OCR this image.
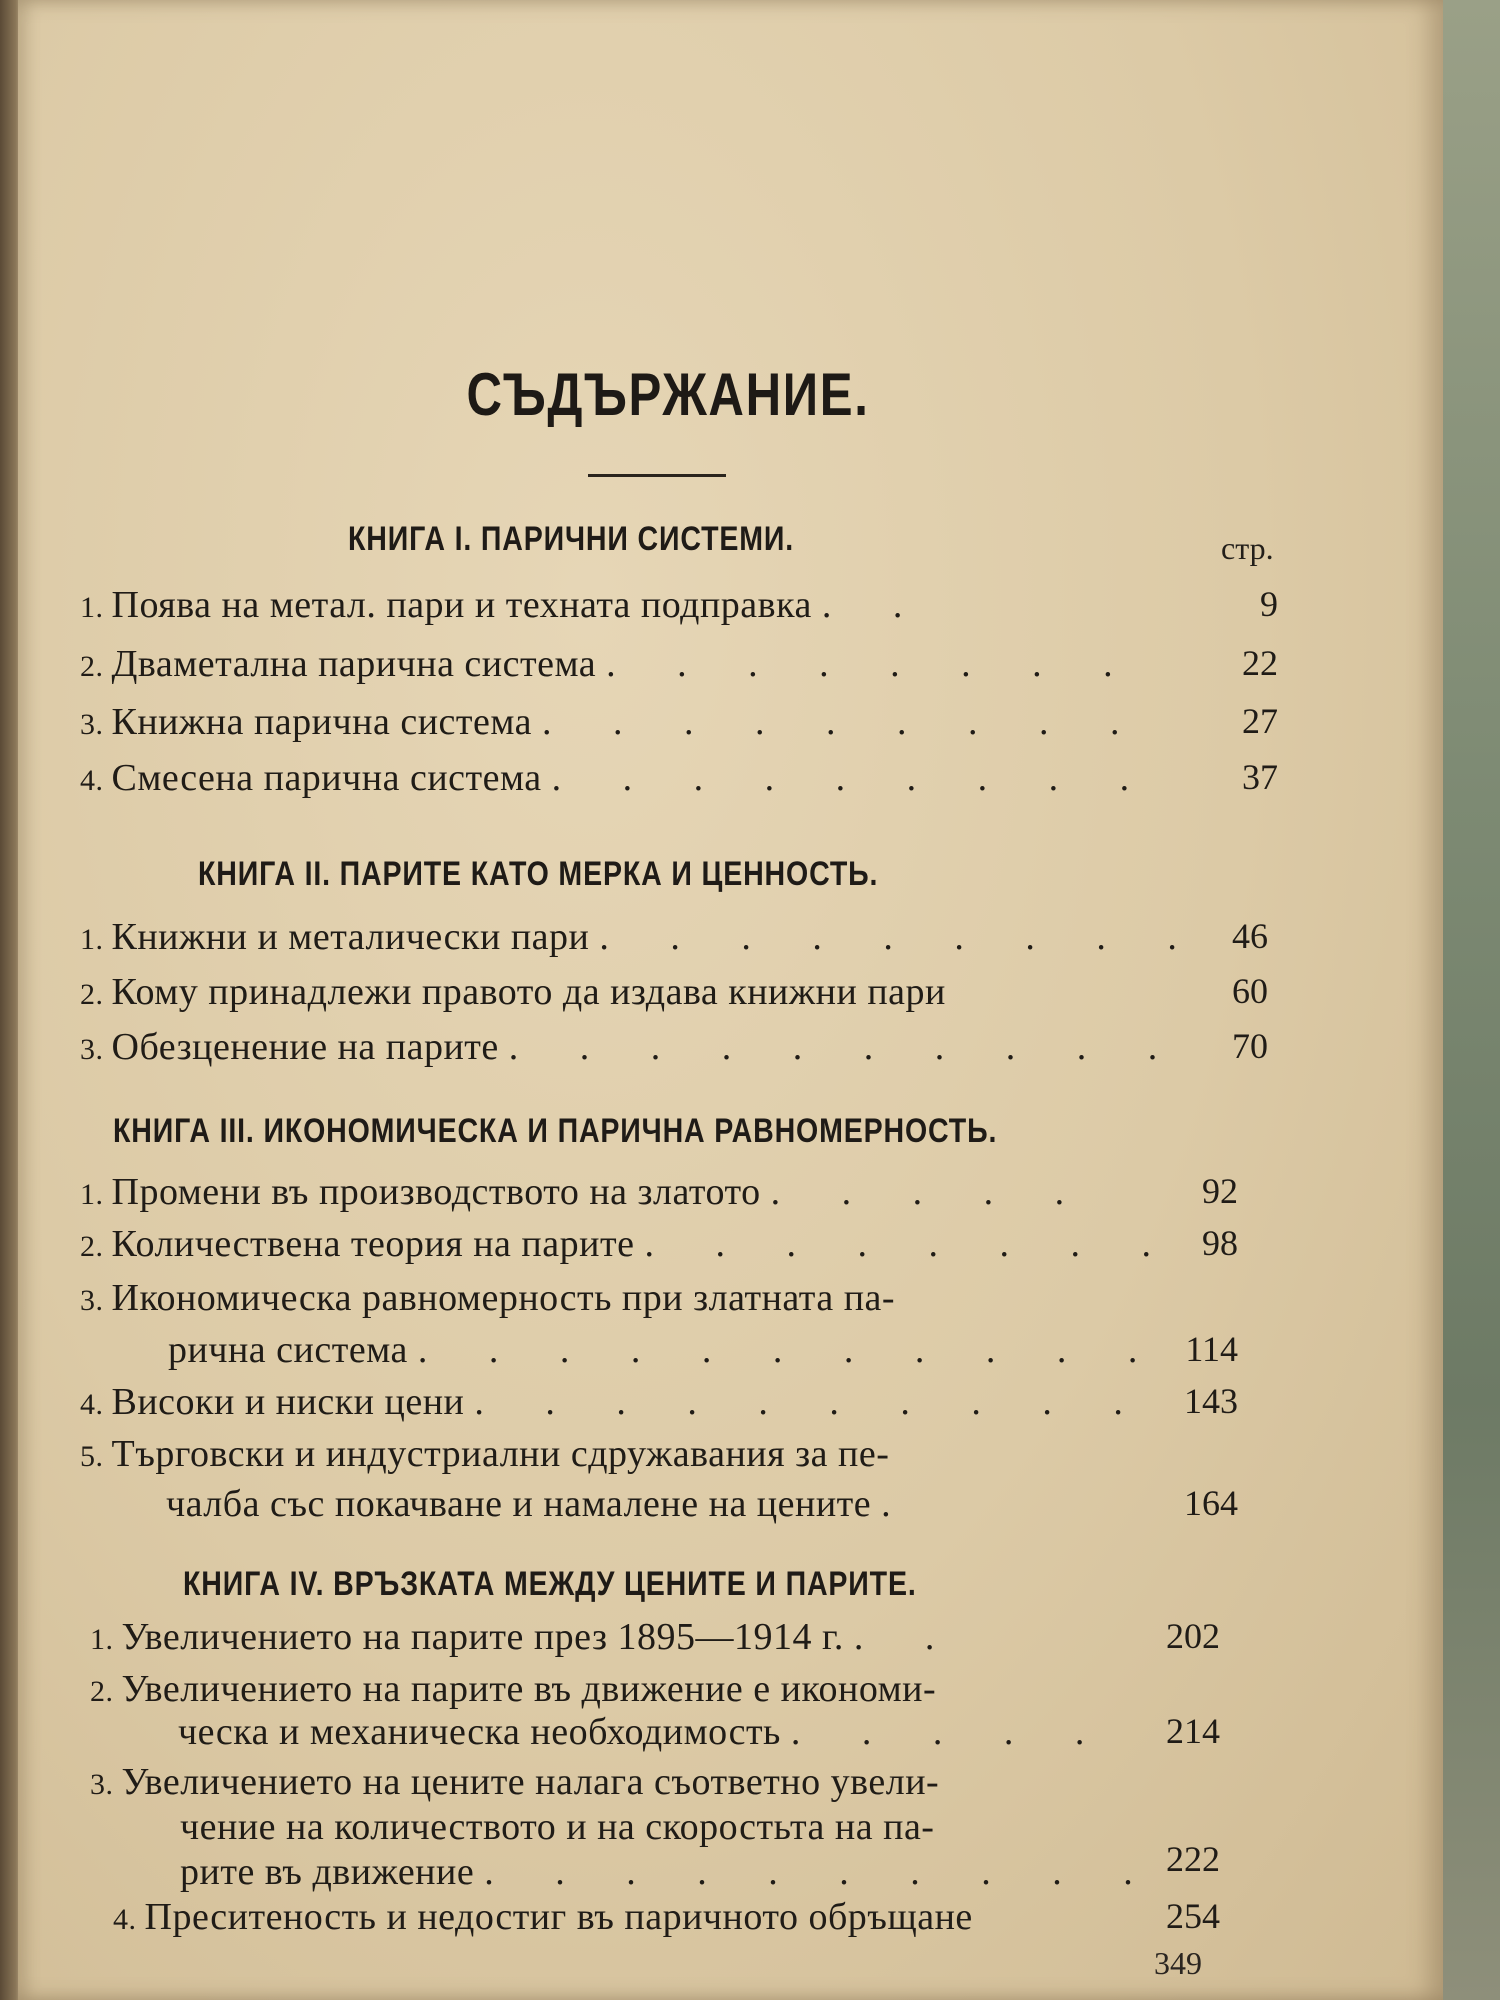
СЪДЪРЖАНИЕ.
стр.
КНИГА I. ПАРИЧНИ СИСТЕМИ.
1. Поява на метал. пари и технатa подправка . .	9
2. Дваметална парична система . . . . . . . .	22
3. Книжна парична система . . . . . . . . .	27
4. Смесена парична система . . . . . . . . .	37
КНИГА II. ПАРИТЕ КАТО МЕРКА И ЦЕННОСТЬ.
1. Книжни и металически пари . . . . . . . . . 46
2. Кому принадлежи правото да издава книжни пари	60
3. Обезценение на парите . . . . . . . . . .	70
КНИГА III. ИКОНОМИЧЕСКА И ПАРИЧНА РАВНОМЕРНОСТЬ.
1. Промени въ производството на златото . . . . .	92
2. Количествена теория на парите . . . . . . . . 98
3. Икономическа равномерность при златната па-
рична система . . . . . . . . . . . 114
4. Високи и ниски цени . . . . . . . . . . 143
5. Търговски и индустриални сдружавания за пе-
чалба със покачване и намалене на цените .	164
КНИГА IV. ВРЪЗКАТА МЕЖДУ ЦЕНИТЕ И ПАРИТЕ.
1. Увеличението на парите през 1895—1914 г. . .	202
2. Увеличението на парите въ движение е икономи-
ческа и механическа необходимость . . . . .	214
3. Увеличението на цените налага съответно увели-
чение на количеството и на скоростьта на па-
рите въ движение . . . . . . . . . . 222
4. Преситеность и недостиг въ паричното обръщане	254
349
